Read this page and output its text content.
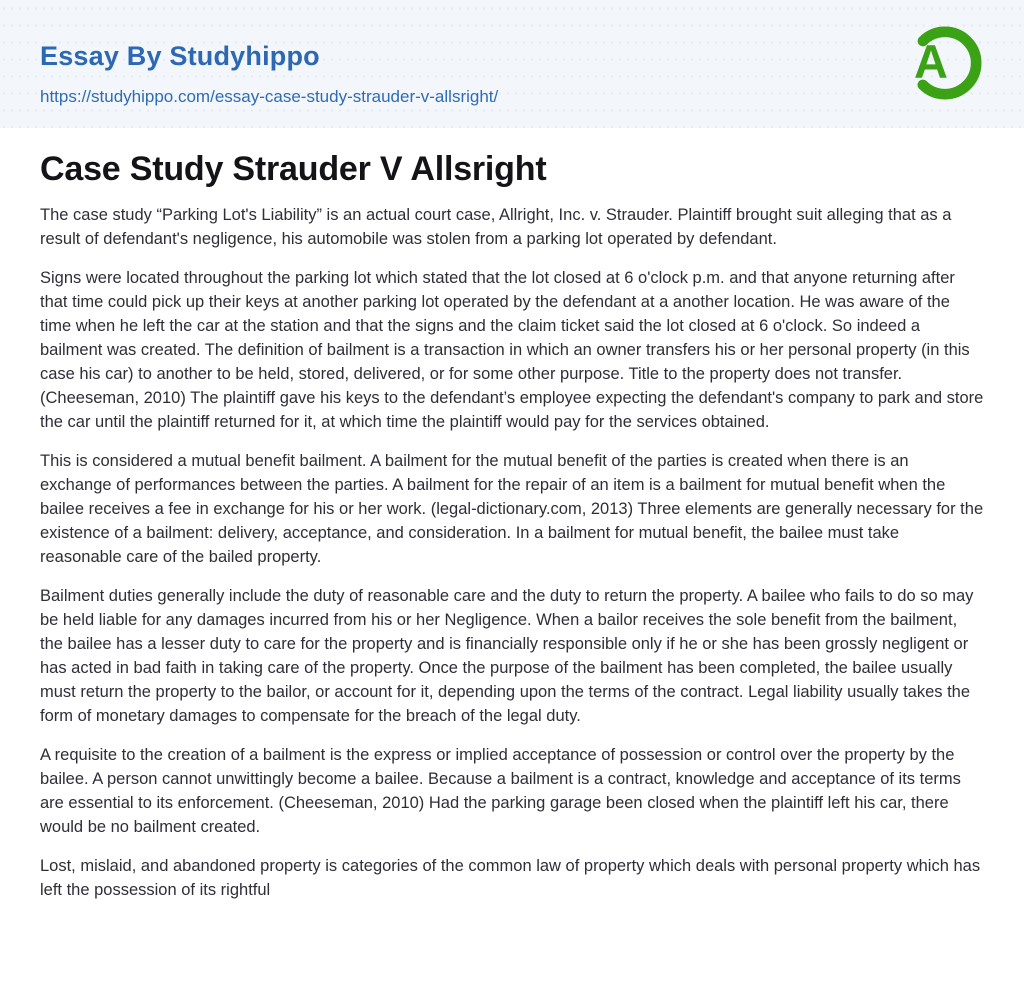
Essay By Studyhippo
https://studyhippo.com/essay-case-study-strauder-v-allsright/
A
Case Study Strauder V Allsright

The case study “Parking Lot's Liability” is an actual court case, Allright, Inc. v. Strauder. Plaintiff brought suit alleging that as a result of defendant's negligence, his automobile was stolen from a parking lot operated by defendant.

Signs were located throughout the parking lot which stated that the lot closed at 6 o'clock p.m. and that anyone returning after that time could pick up their keys at another parking lot operated by the defendant at a another location. He was aware of the time when he left the car at the station and that the signs and the claim ticket said the lot closed at 6 o'clock. So indeed a bailment was created. The definition of bailment is a transaction in which an owner transfers his or her personal property (in this case his car) to another to be held, stored, delivered, or for some other purpose. Title to the property does not transfer. (Cheeseman, 2010) The plaintiff gave his keys to the defendant’s employee expecting the defendant's company to park and store the car until the plaintiff returned for it, at which time the plaintiff would pay for the services obtained.

This is considered a mutual benefit bailment. A bailment for the mutual benefit of the parties is created when there is an exchange of performances between the parties. A bailment for the repair of an item is a bailment for mutual benefit when the bailee receives a fee in exchange for his or her work. (legal-dictionary.com, 2013) Three elements are generally necessary for the existence of a bailment: delivery, acceptance, and consideration. In a bailment for mutual benefit, the bailee must take reasonable care of the bailed property.

Bailment duties generally include the duty of reasonable care and the duty to return the property. A bailee who fails to do so may be held liable for any damages incurred from his or her Negligence. When a bailor receives the sole benefit from the bailment, the bailee has a lesser duty to care for the property and is financially responsible only if he or she has been grossly negligent or has acted in bad faith in taking care of the property. Once the purpose of the bailment has been completed, the bailee usually must return the property to the bailor, or account for it, depending upon the terms of the contract. Legal liability usually takes the form of monetary damages to compensate for the breach of the legal duty.

A requisite to the creation of a bailment is the express or implied acceptance of possession or control over the property by the bailee. A person cannot unwittingly become a bailee. Because a bailment is a contract, knowledge and acceptance of its terms are essential to its enforcement. (Cheeseman, 2010) Had the parking garage been closed when the plaintiff left his car, there would be no bailment created.

Lost, mislaid, and abandoned property is categories of the common law of property which deals with personal property which has left the possession of its rightful
